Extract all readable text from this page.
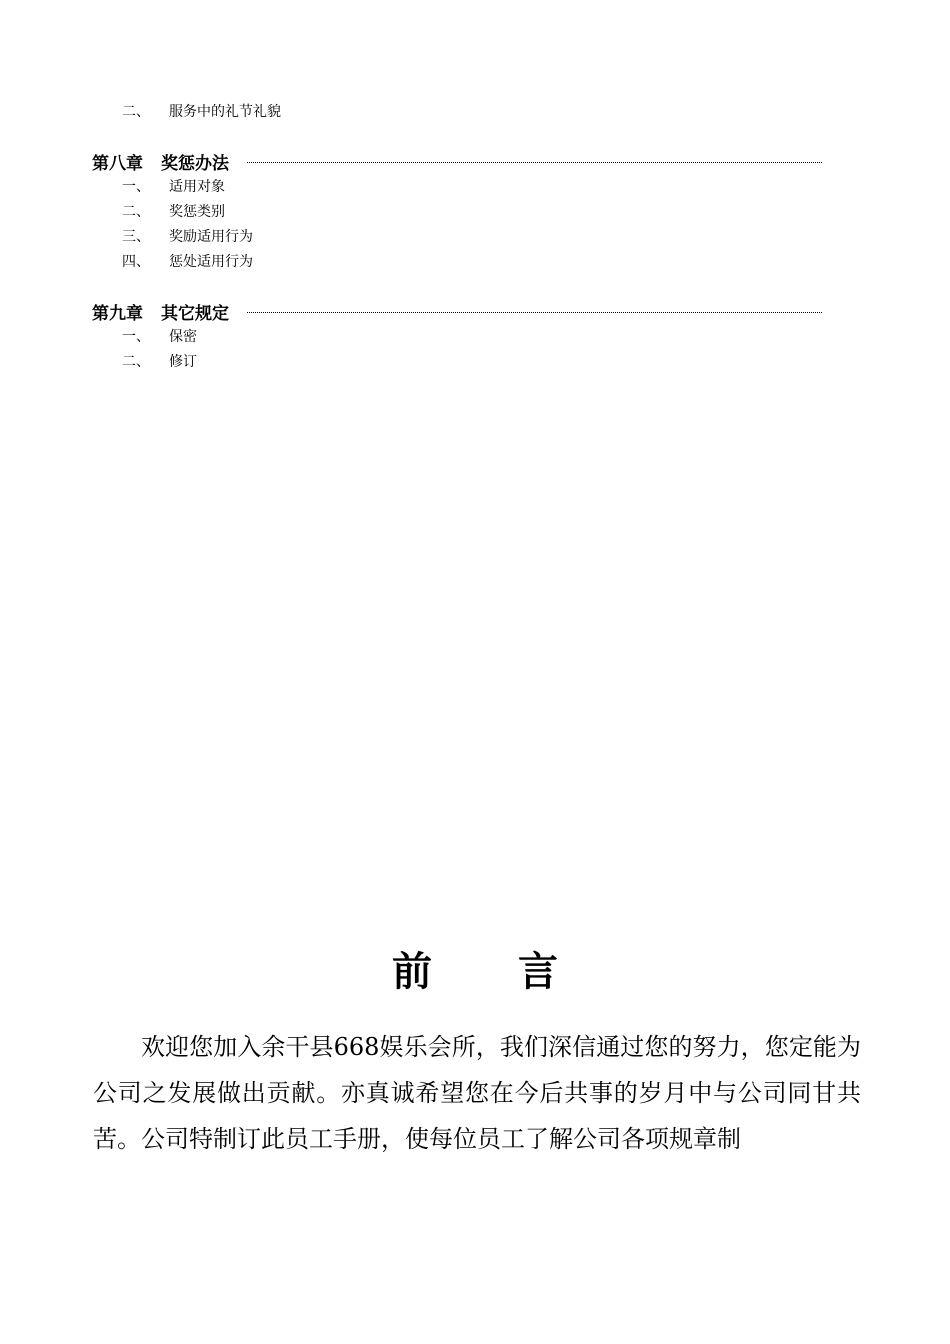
二、 服务中的礼节礼貌
第八章 奖惩办法
一、 适用对象
二、 奖惩类别
三、 奖励适用行为
四、 惩处适用行为
第九章 其它规定
一、 保密
二、 修订
前 言

欢迎您加入余干县668娱乐会所，我们深信通过您的努力，您定能为公司之发展做出贡献。亦真诚希望您在今后共事的岁月中与公司同甘共苦。公司特制订此员工手册，使每位员工了解公司各项规章制
